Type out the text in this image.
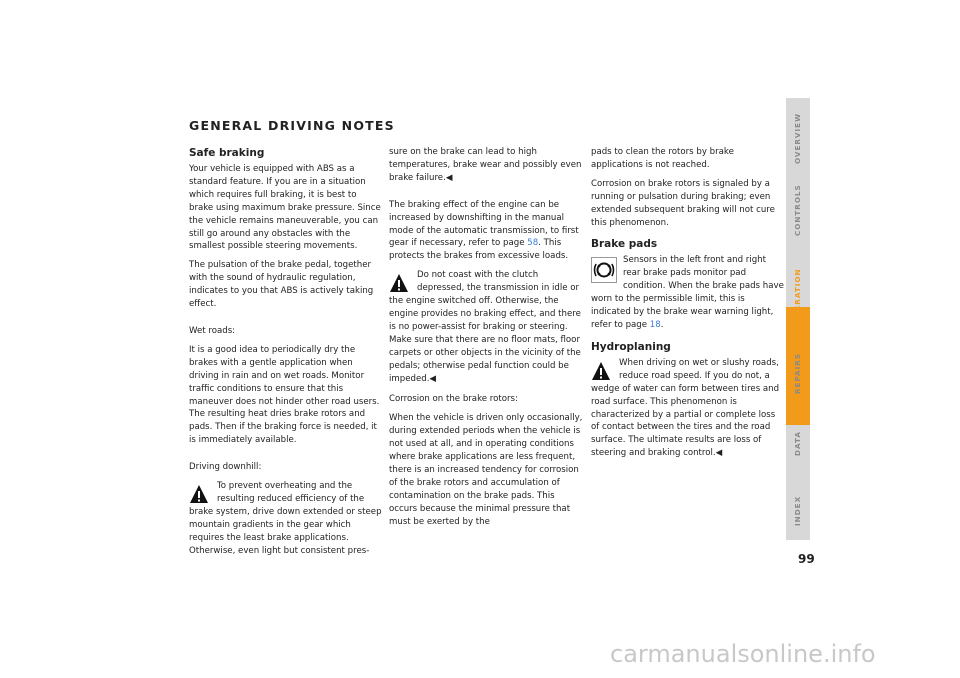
GENERAL DRIVING NOTES
Safe braking

Your vehicle is equipped with ABS as a standard feature. If you are in a situation which requires full braking, it is best to brake using maximum brake pressure. Since the vehicle remains maneuverable, you can still go around any obstacles with the smallest possible steering movements.

The pulsation of the brake pedal, together with the sound of hydraulic regulation, indicates to you that ABS is actively taking effect.

Wet roads:

It is a good idea to periodically dry the brakes with a gentle application when driving in rain and on wet roads. Monitor traffic conditions to ensure that this maneuver does not hinder other road users. The resulting heat dries brake rotors and pads. Then if the braking force is needed, it is immediately available.

Driving downhill:

To prevent overheating and the resulting reduced efficiency of the brake system, drive down extended or steep mountain gradients in the gear which requires the least brake applications. Otherwise, even light but consistent pres-

sure on the brake can lead to high temperatures, brake wear and possibly even brake failure.◀

The braking effect of the engine can be increased by downshifting in the manual mode of the automatic transmission, to first gear if necessary, refer to page 58. This protects the brakes from excessive loads.

Do not coast with the clutch depressed, the transmission in idle or the engine switched off. Otherwise, the engine provides no braking effect, and there is no power-assist for braking or steering. Make sure that there are no floor mats, floor carpets or other objects in the vicinity of the pedals; otherwise pedal function could be impeded.◀

Corrosion on the brake rotors:

When the vehicle is driven only occasionally, during extended periods when the vehicle is not used at all, and in operating conditions where brake applications are less frequent, there is an increased tendency for corrosion of the brake rotors and accumulation of contamination on the brake pads. This occurs because the minimal pressure that must be exerted by the

pads to clean the rotors by brake applications is not reached.

Corrosion on brake rotors is signaled by a running or pulsation during braking; even extended subsequent braking will not cure this phenomenon.

Brake pads
Sensors in the left front and right rear brake pads monitor pad condition. When the brake pads have worn to the permissible limit, this is indicated by the brake wear warning light, refer to page 18.
Hydroplaning
When driving on wet or slushy roads, reduce road speed. If you do not, a wedge of water can form between tires and road surface. This phenomenon is characterized by a partial or complete loss of contact between the tires and the road surface. The ultimate results are loss of steering and braking control.◀
OVERVIEW
CONTROLS
OPERATION
REPAIRS
DATA
INDEX
99
carmanualsonline.info
